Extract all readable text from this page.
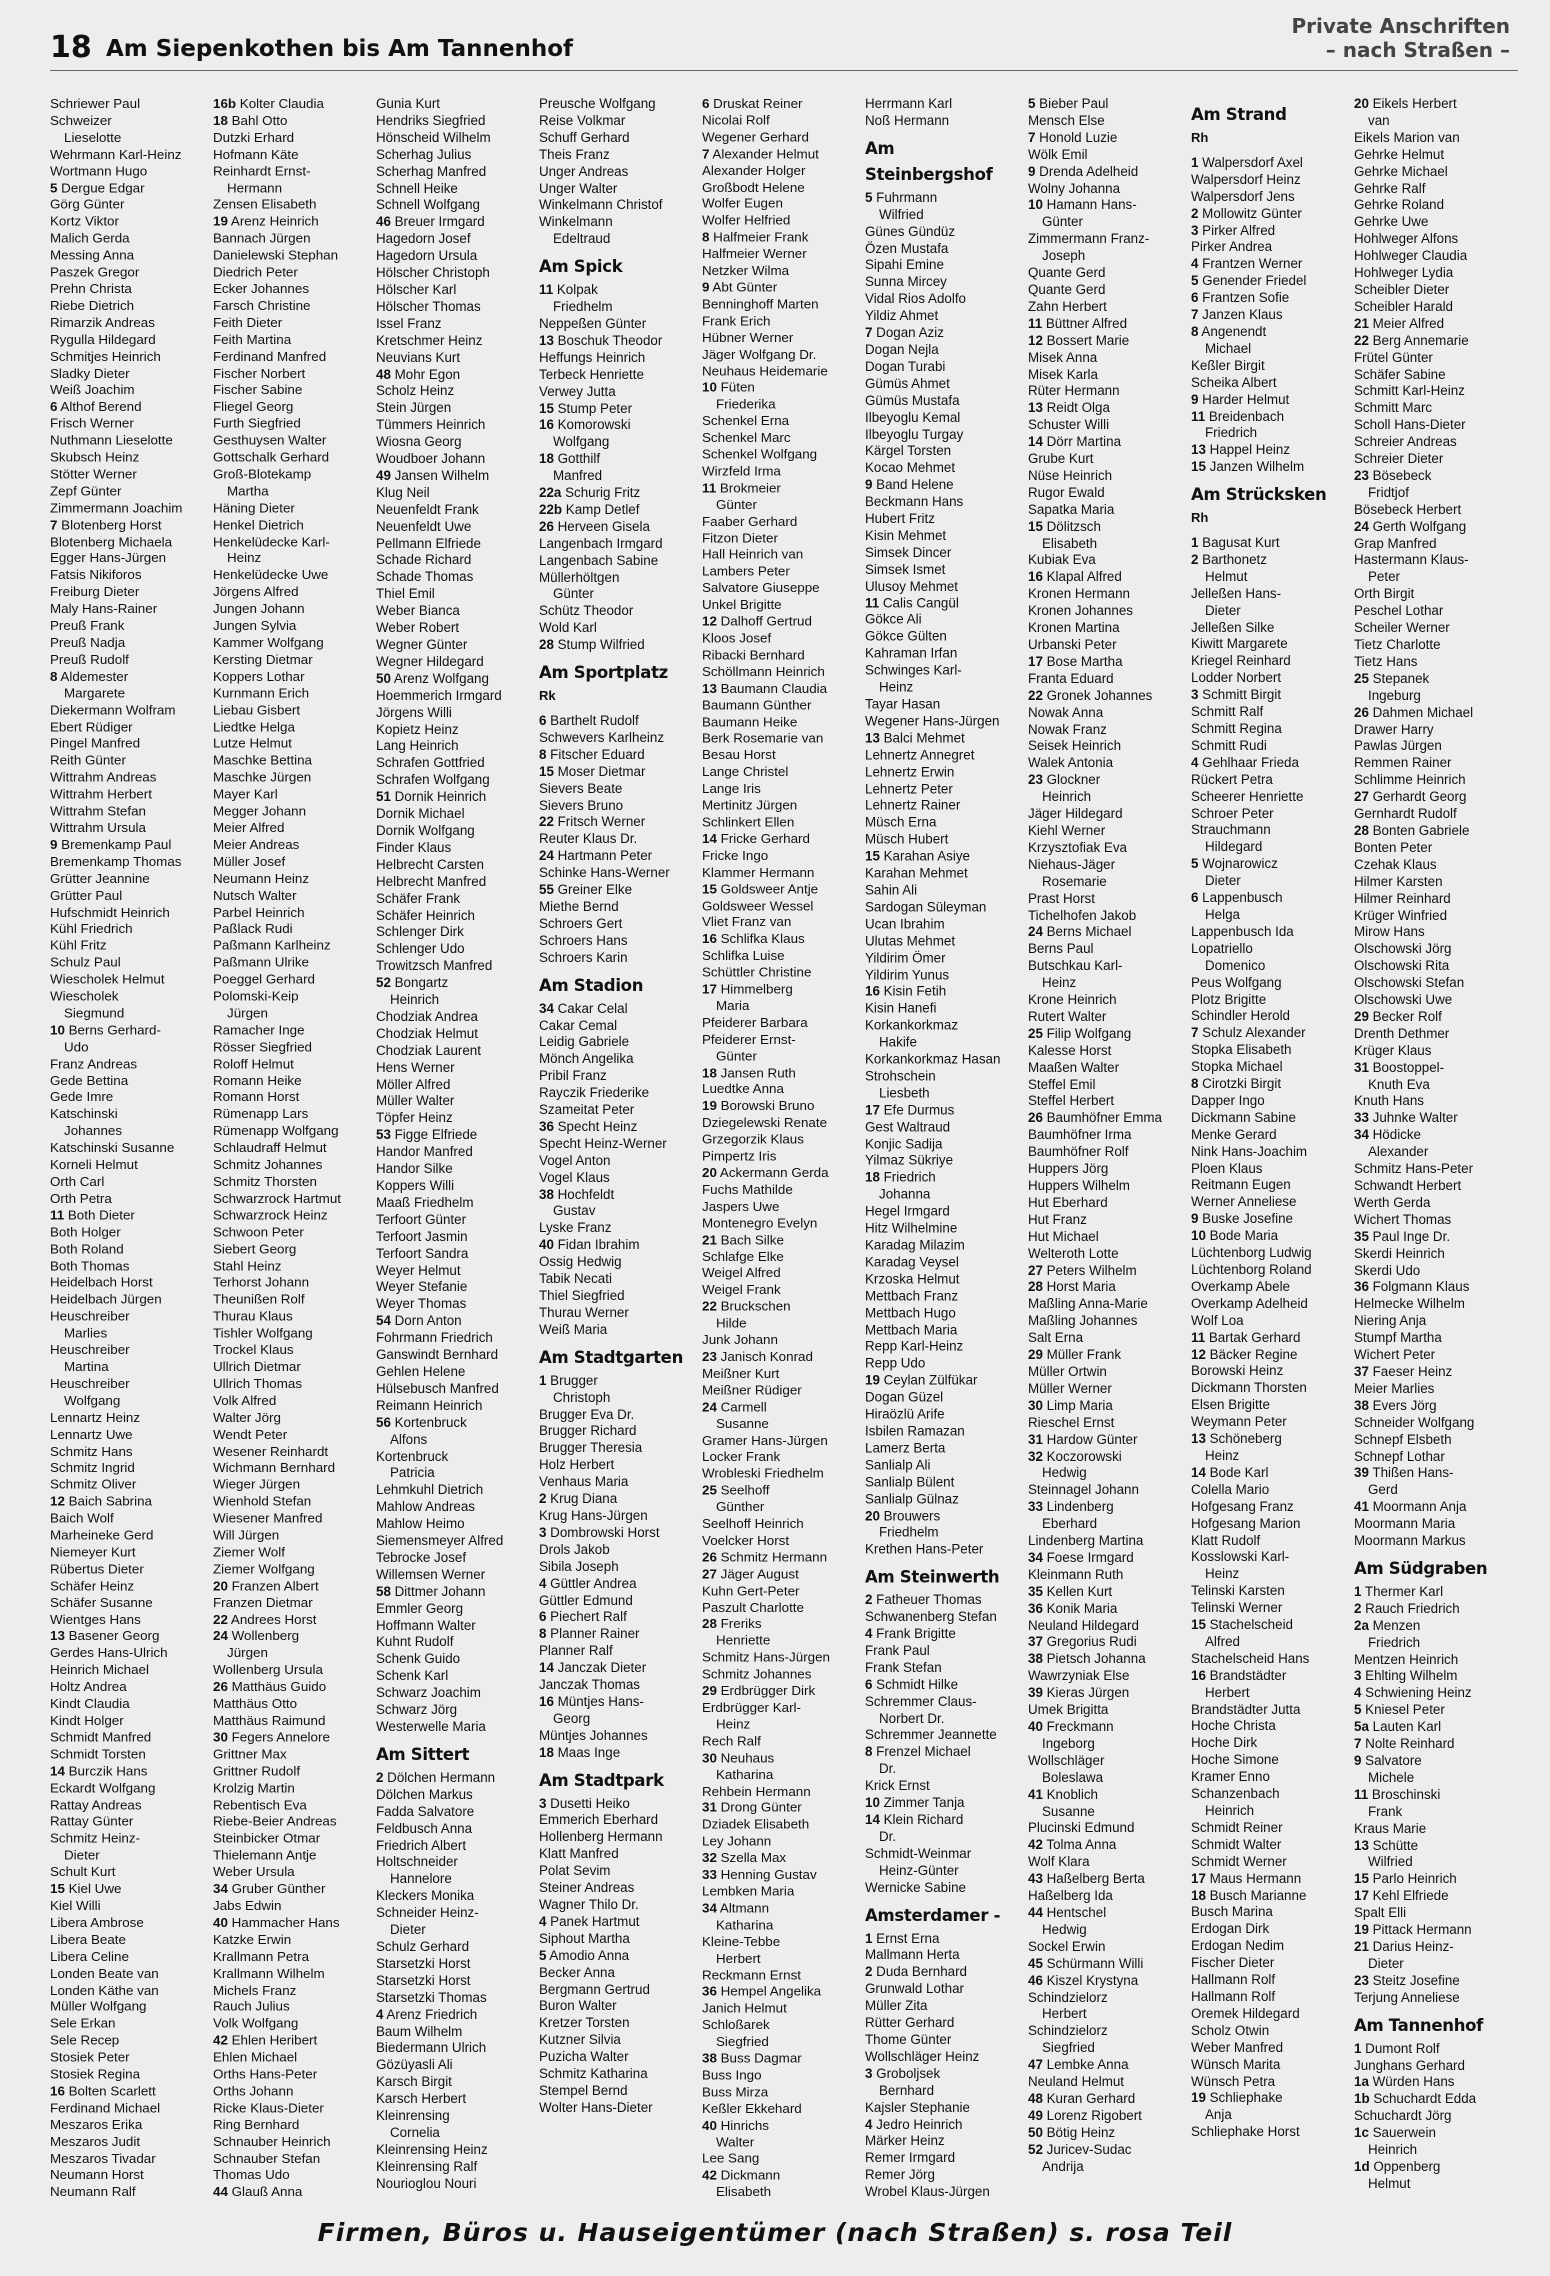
18 Am Siepenkothen bis Am Tannenhof
Private Anschriften
– nach Straßen –
Schriewer Paul
Schweizer
Lieselotte
Wehrmann Karl-Heinz
Wortmann Hugo
5 Dergue Edgar
Görg Günter
Kortz Viktor
Malich Gerda
Messing Anna
Paszek Gregor
Prehn Christa
Riebe Dietrich
Rimarzik Andreas
Rygulla Hildegard
Schmitjes Heinrich
Sladky Dieter
Weiß Joachim
6 Althof Berend
Frisch Werner
Nuthmann Lieselotte
Skubsch Heinz
Stötter Werner
Zepf Günter
Zimmermann Joachim
7 Blotenberg Horst
Blotenberg Michaela
Egger Hans-Jürgen
Fatsis Nikiforos
Freiburg Dieter
Maly Hans-Rainer
Preuß Frank
Preuß Nadja
Preuß Rudolf
8 Aldemester
Margarete
Diekermann Wolfram
Ebert Rüdiger
Pingel Manfred
Reith Günter
Wittrahm Andreas
Wittrahm Herbert
Wittrahm Stefan
Wittrahm Ursula
9 Bremenkamp Paul
Bremenkamp Thomas
Grütter Jeannine
Grütter Paul
Hufschmidt Heinrich
Kühl Friedrich
Kühl Fritz
Schulz Paul
Wiescholek Helmut
Wiescholek
Siegmund
10 Berns Gerhard-
Udo
Franz Andreas
Gede Bettina
Gede Imre
Katschinski
Johannes
Katschinski Susanne
Korneli Helmut
Orth Carl
Orth Petra
11 Both Dieter
Both Holger
Both Roland
Both Thomas
Heidelbach Horst
Heidelbach Jürgen
Heuschreiber
Marlies
Heuschreiber
Martina
Heuschreiber
Wolfgang
Lennartz Heinz
Lennartz Uwe
Schmitz Hans
Schmitz Ingrid
Schmitz Oliver
12 Baich Sabrina
Baich Wolf
Marheineke Gerd
Niemeyer Kurt
Rübertus Dieter
Schäfer Heinz
Schäfer Susanne
Wientges Hans
13 Basener Georg
Gerdes Hans-Ulrich
Heinrich Michael
Holtz Andrea
Kindt Claudia
Kindt Holger
Schmidt Manfred
Schmidt Torsten
14 Burczik Hans
Eckardt Wolfgang
Rattay Andreas
Rattay Günter
Schmitz Heinz-
Dieter
Schult Kurt
15 Kiel Uwe
Kiel Willi
Libera Ambrose
Libera Beate
Libera Celine
Londen Beate van
Londen Käthe van
Müller Wolfgang
Sele Erkan
Sele Recep
Stosiek Peter
Stosiek Regina
16 Bolten Scarlett
Ferdinand Michael
Meszaros Erika
Meszaros Judit
Meszaros Tivadar
Neumann Horst
Neumann Ralf
16b Kolter Claudia
18 Bahl Otto
Dutzki Erhard
Hofmann Käte
Reinhardt Ernst-
Hermann
Zensen Elisabeth
19 Arenz Heinrich
Bannach Jürgen
Danielewski Stephan
Diedrich Peter
Ecker Johannes
Farsch Christine
Feith Dieter
Feith Martina
Ferdinand Manfred
Fischer Norbert
Fischer Sabine
Fliegel Georg
Furth Siegfried
Gesthuysen Walter
Gottschalk Gerhard
Groß-Blotekamp
Martha
Häning Dieter
Henkel Dietrich
Henkelüdecke Karl-
Heinz
Henkelüdecke Uwe
Jörgens Alfred
Jungen Johann
Jungen Sylvia
Kammer Wolfgang
Kersting Dietmar
Koppers Lothar
Kurnmann Erich
Liebau Gisbert
Liedtke Helga
Lutze Helmut
Maschke Bettina
Maschke Jürgen
Mayer Karl
Megger Johann
Meier Alfred
Meier Andreas
Müller Josef
Neumann Heinz
Nutsch Walter
Parbel Heinrich
Paßlack Rudi
Paßmann Karlheinz
Paßmann Ulrike
Poeggel Gerhard
Polomski-Keip
Jürgen
Ramacher Inge
Rösser Siegfried
Roloff Helmut
Romann Heike
Romann Horst
Rümenapp Lars
Rümenapp Wolfgang
Schlaudraff Helmut
Schmitz Johannes
Schmitz Thorsten
Schwarzrock Hartmut
Schwarzrock Heinz
Schwoon Peter
Siebert Georg
Stahl Heinz
Terhorst Johann
Theunißen Rolf
Thurau Klaus
Tishler Wolfgang
Trockel Klaus
Ullrich Dietmar
Ullrich Thomas
Volk Alfred
Walter Jörg
Wendt Peter
Wesener Reinhardt
Wichmann Bernhard
Wieger Jürgen
Wienhold Stefan
Wiesener Manfred
Will Jürgen
Ziemer Wolf
Ziemer Wolfgang
20 Franzen Albert
Franzen Dietmar
22 Andrees Horst
24 Wollenberg
Jürgen
Wollenberg Ursula
26 Matthäus Guido
Matthäus Otto
Matthäus Raimund
30 Fegers Annelore
Grittner Max
Grittner Rudolf
Krolzig Martin
Rebentisch Eva
Riebe-Beier Andreas
Steinbicker Otmar
Thielemann Antje
Weber Ursula
34 Gruber Günther
Jabs Edwin
40 Hammacher Hans
Katzke Erwin
Krallmann Petra
Krallmann Wilhelm
Michels Franz
Rauch Julius
Volk Wolfgang
42 Ehlen Heribert
Ehlen Michael
Orths Hans-Peter
Orths Johann
Ricke Klaus-Dieter
Ring Bernhard
Schnauber Heinrich
Schnauber Stefan
Thomas Udo
44 Glauß Anna
Gunia Kurt
Hendriks Siegfried
Hönscheid Wilhelm
Scherhag Julius
Scherhag Manfred
Schnell Heike
Schnell Wolfgang
46 Breuer Irmgard
Hagedorn Josef
Hagedorn Ursula
Hölscher Christoph
Hölscher Karl
Hölscher Thomas
Issel Franz
Kretschmer Heinz
Neuvians Kurt
48 Mohr Egon
Scholz Heinz
Stein Jürgen
Tümmers Heinrich
Wiosna Georg
Woudboer Johann
49 Jansen Wilhelm
Klug Neil
Neuenfeldt Frank
Neuenfeldt Uwe
Pellmann Elfriede
Schade Richard
Schade Thomas
Thiel Emil
Weber Bianca
Weber Robert
Wegner Günter
Wegner Hildegard
50 Arenz Wolfgang
Hoemmerich Irmgard
Jörgens Willi
Kopietz Heinz
Lang Heinrich
Schrafen Gottfried
Schrafen Wolfgang
51 Dornik Heinrich
Dornik Michael
Dornik Wolfgang
Finder Klaus
Helbrecht Carsten
Helbrecht Manfred
Schäfer Frank
Schäfer Heinrich
Schlenger Dirk
Schlenger Udo
Trowitzsch Manfred
52 Bongartz
Heinrich
Chodziak Andrea
Chodziak Helmut
Chodziak Laurent
Hens Werner
Möller Alfred
Müller Walter
Töpfer Heinz
53 Figge Elfriede
Handor Manfred
Handor Silke
Koppers Willi
Maaß Friedhelm
Terfoort Günter
Terfoort Jasmin
Terfoort Sandra
Weyer Helmut
Weyer Stefanie
Weyer Thomas
54 Dorn Anton
Fohrmann Friedrich
Ganswindt Bernhard
Gehlen Helene
Hülsebusch Manfred
Reimann Heinrich
56 Kortenbruck
Alfons
Kortenbruck
Patricia
Lehmkuhl Dietrich
Mahlow Andreas
Mahlow Heimo
Siemensmeyer Alfred
Tebrocke Josef
Willemsen Werner
58 Dittmer Johann
Emmler Georg
Hoffmann Walter
Kuhnt Rudolf
Schenk Guido
Schenk Karl
Schwarz Joachim
Schwarz Jörg
Westerwelle Maria
Am Sittert
2 Dölchen Hermann
Dölchen Markus
Fadda Salvatore
Feldbusch Anna
Friedrich Albert
Holtschneider
Hannelore
Kleckers Monika
Schneider Heinz-
Dieter
Schulz Gerhard
Starsetzki Horst
Starsetzki Horst
Starsetzki Thomas
4 Arenz Friedrich
Baum Wilhelm
Biedermann Ulrich
Gözüyasli Ali
Karsch Birgit
Karsch Herbert
Kleinrensing
Cornelia
Kleinrensing Heinz
Kleinrensing Ralf
Nourioglou Nouri
Preusche Wolfgang
Reise Volkmar
Schuff Gerhard
Theis Franz
Unger Andreas
Unger Walter
Winkelmann Christof
Winkelmann
Edeltraud
Am Spick
11 Kolpak
Friedhelm
Neppeßen Günter
13 Boschuk Theodor
Heffungs Heinrich
Terbeck Henriette
Verwey Jutta
15 Stump Peter
16 Komorowski
Wolfgang
18 Gotthilf
Manfred
22a Schurig Fritz
22b Kamp Detlef
26 Herveen Gisela
Langenbach Irmgard
Langenbach Sabine
Müllerhöltgen
Günter
Schütz Theodor
Wold Karl
28 Stump Wilfried
Am Sportplatz
Rk
6 Barthelt Rudolf
Schwevers Karlheinz
8 Fitscher Eduard
15 Moser Dietmar
Sievers Beate
Sievers Bruno
22 Fritsch Werner
Reuter Klaus Dr.
24 Hartmann Peter
Schinke Hans-Werner
55 Greiner Elke
Miethe Bernd
Schroers Gert
Schroers Hans
Schroers Karin
Am Stadion
34 Cakar Celal
Cakar Cemal
Leidig Gabriele
Mönch Angelika
Pribil Franz
Rayczik Friederike
Szameitat Peter
36 Specht Heinz
Specht Heinz-Werner
Vogel Anton
Vogel Klaus
38 Hochfeldt
Gustav
Lyske Franz
40 Fidan Ibrahim
Ossig Hedwig
Tabik Necati
Thiel Siegfried
Thurau Werner
Weiß Maria
Am Stadtgarten
1 Brugger
Christoph
Brugger Eva Dr.
Brugger Richard
Brugger Theresia
Holz Herbert
Venhaus Maria
2 Krug Diana
Krug Hans-Jürgen
3 Dombrowski Horst
Drols Jakob
Sibila Joseph
4 Güttler Andrea
Güttler Edmund
6 Piechert Ralf
8 Planner Rainer
Planner Ralf
14 Janczak Dieter
Janczak Thomas
16 Müntjes Hans-
Georg
Müntjes Johannes
18 Maas Inge
Am Stadtpark
3 Dusetti Heiko
Emmerich Eberhard
Hollenberg Hermann
Klatt Manfred
Polat Sevim
Steiner Andreas
Wagner Thilo Dr.
4 Panek Hartmut
Siphout Martha
5 Amodio Anna
Becker Anna
Bergmann Gertrud
Buron Walter
Kretzer Torsten
Kutzner Silvia
Puzicha Walter
Schmitz Katharina
Stempel Bernd
Wolter Hans-Dieter
6 Druskat Reiner
Nicolai Rolf
Wegener Gerhard
7 Alexander Helmut
Alexander Holger
Großbodt Helene
Wolfer Eugen
Wolfer Helfried
8 Halfmeier Frank
Halfmeier Werner
Netzker Wilma
9 Abt Günter
Benninghoff Marten
Frank Erich
Hübner Werner
Jäger Wolfgang Dr.
Neuhaus Heidemarie
10 Füten
Friederika
Schenkel Erna
Schenkel Marc
Schenkel Wolfgang
Wirzfeld Irma
11 Brokmeier
Günter
Faaber Gerhard
Fitzon Dieter
Hall Heinrich van
Lambers Peter
Salvatore Giuseppe
Unkel Brigitte
12 Dalhoff Gertrud
Kloos Josef
Ribacki Bernhard
Schöllmann Heinrich
13 Baumann Claudia
Baumann Günther
Baumann Heike
Berk Rosemarie van
Besau Horst
Lange Christel
Lange Iris
Mertinitz Jürgen
Schlinkert Ellen
14 Fricke Gerhard
Fricke Ingo
Klammer Hermann
15 Goldsweer Antje
Goldsweer Wessel
Vliet Franz van
16 Schlifka Klaus
Schlifka Luise
Schüttler Christine
17 Himmelberg
Maria
Pfeiderer Barbara
Pfeiderer Ernst-
Günter
18 Jansen Ruth
Luedtke Anna
19 Borowski Bruno
Dziegelewski Renate
Grzegorzik Klaus
Pimpertz Iris
20 Ackermann Gerda
Fuchs Mathilde
Jaspers Uwe
Montenegro Evelyn
21 Bach Silke
Schlafge Elke
Weigel Alfred
Weigel Frank
22 Bruckschen
Hilde
Junk Johann
23 Janisch Konrad
Meißner Kurt
Meißner Rüdiger
24 Carmell
Susanne
Gramer Hans-Jürgen
Locker Frank
Wrobleski Friedhelm
25 Seelhoff
Günther
Seelhoff Heinrich
Voelcker Horst
26 Schmitz Hermann
27 Jäger August
Kuhn Gert-Peter
Paszult Charlotte
28 Freriks
Henriette
Schmitz Hans-Jürgen
Schmitz Johannes
29 Erdbrügger Dirk
Erdbrügger Karl-
Heinz
Rech Ralf
30 Neuhaus
Katharina
Rehbein Hermann
31 Drong Günter
Dziadek Elisabeth
Ley Johann
32 Szella Max
33 Henning Gustav
Lembken Maria
34 Altmann
Katharina
Kleine-Tebbe
Herbert
Reckmann Ernst
36 Hempel Angelika
Janich Helmut
Schloßarek
Siegfried
38 Buss Dagmar
Buss Ingo
Buss Mirza
Keßler Ekkehard
40 Hinrichs
Walter
Lee Sang
42 Dickmann
Elisabeth
Herrmann Karl
Noß Hermann
Am Steinbergshof
5 Fuhrmann
Wilfried
Günes Gündüz
Özen Mustafa
Sipahi Emine
Sunna Mircey
Vidal Rios Adolfo
Yildiz Ahmet
7 Dogan Aziz
Dogan Nejla
Dogan Turabi
Gümüs Ahmet
Gümüs Mustafa
Ilbeyoglu Kemal
Ilbeyoglu Turgay
Kärgel Torsten
Kocao Mehmet
9 Band Helene
Beckmann Hans
Hubert Fritz
Kisin Mehmet
Simsek Dincer
Simsek Ismet
Ulusoy Mehmet
11 Calis Cangül
Gökce Ali
Gökce Gülten
Kahraman Irfan
Schwinges Karl-
Heinz
Tayar Hasan
Wegener Hans-Jürgen
13 Balci Mehmet
Lehnertz Annegret
Lehnertz Erwin
Lehnertz Peter
Lehnertz Rainer
Müsch Erna
Müsch Hubert
15 Karahan Asiye
Karahan Mehmet
Sahin Ali
Sardogan Süleyman
Ucan Ibrahim
Ulutas Mehmet
Yildirim Ömer
Yildirim Yunus
16 Kisin Fetih
Kisin Hanefi
Korkankorkmaz
Hakife
Korkankorkmaz Hasan
Strohschein
Liesbeth
17 Efe Durmus
Gest Waltraud
Konjic Sadija
Yilmaz Sükriye
18 Friedrich
Johanna
Hegel Irmgard
Hitz Wilhelmine
Karadag Milazim
Karadag Veysel
Krzoska Helmut
Mettbach Franz
Mettbach Hugo
Mettbach Maria
Repp Karl-Heinz
Repp Udo
19 Ceylan Zülfükar
Dogan Güzel
Hiraözlü Arife
Isbilen Ramazan
Lamerz Berta
Sanlialp Ali
Sanlialp Bülent
Sanlialp Gülnaz
20 Brouwers
Friedhelm
Krethen Hans-Peter
Am Steinwerth
2 Fatheuer Thomas
Schwanenberg Stefan
4 Frank Brigitte
Frank Paul
Frank Stefan
6 Schmidt Hilke
Schremmer Claus-
Norbert Dr.
Schremmer Jeannette
8 Frenzel Michael
Dr.
Krick Ernst
10 Zimmer Tanja
14 Klein Richard
Dr.
Schmidt-Weinmar
Heinz-Günter
Wernicke Sabine
Amsterdamer -
1 Ernst Erna
Mallmann Herta
2 Duda Bernhard
Grunwald Lothar
Müller Zita
Rütter Gerhard
Thome Günter
Wollschläger Heinz
3 Groboljsek
Bernhard
Kajsler Stephanie
4 Jedro Heinrich
Märker Heinz
Remer Irmgard
Remer Jörg
Wrobel Klaus-Jürgen
5 Bieber Paul
Mensch Else
7 Honold Luzie
Wölk Emil
9 Drenda Adelheid
Wolny Johanna
10 Hamann Hans-
Günter
Zimmermann Franz-
Joseph
Quante Gerd
Quante Gerd
Zahn Herbert
11 Büttner Alfred
12 Bossert Marie
Misek Anna
Misek Karla
Rüter Hermann
13 Reidt Olga
Schuster Willi
14 Dörr Martina
Grube Kurt
Nüse Heinrich
Rugor Ewald
Sapatka Maria
15 Dölitzsch
Elisabeth
Kubiak Eva
16 Klapal Alfred
Kronen Hermann
Kronen Johannes
Kronen Martina
Urbanski Peter
17 Bose Martha
Franta Eduard
22 Gronek Johannes
Nowak Anna
Nowak Franz
Seisek Heinrich
Walek Antonia
23 Glockner
Heinrich
Jäger Hildegard
Kiehl Werner
Krzysztofiak Eva
Niehaus-Jäger
Rosemarie
Prast Horst
Tichelhofen Jakob
24 Berns Michael
Berns Paul
Butschkau Karl-
Heinz
Krone Heinrich
Rutert Walter
25 Filip Wolfgang
Kalesse Horst
Maaßen Walter
Steffel Emil
Steffel Herbert
26 Baumhöfner Emma
Baumhöfner Irma
Baumhöfner Rolf
Huppers Jörg
Huppers Wilhelm
Hut Eberhard
Hut Franz
Hut Michael
Welteroth Lotte
27 Peters Wilhelm
28 Horst Maria
Maßling Anna-Marie
Maßling Johannes
Salt Erna
29 Müller Frank
Müller Ortwin
Müller Werner
30 Limp Maria
Rieschel Ernst
31 Hardow Günter
32 Koczorowski
Hedwig
Steinnagel Johann
33 Lindenberg
Eberhard
Lindenberg Martina
34 Foese Irmgard
Kleinmann Ruth
35 Kellen Kurt
36 Konik Maria
Neuland Hildegard
37 Gregorius Rudi
38 Pietsch Johanna
Wawrzyniak Else
39 Kieras Jürgen
Umek Brigitta
40 Freckmann
Ingeborg
Wollschläger
Boleslawa
41 Knoblich
Susanne
Plucinski Edmund
42 Tolma Anna
Wolf Klara
43 Haßelberg Berta
Haßelberg Ida
44 Hentschel
Hedwig
Sockel Erwin
45 Schürmann Willi
46 Kiszel Krystyna
Schindzielorz
Herbert
Schindzielorz
Siegfried
47 Lembke Anna
Neuland Helmut
48 Kuran Gerhard
49 Lorenz Rigobert
50 Bötig Heinz
52 Juricev-Sudac
Andrija
Am Strand
Rh
1 Walpersdorf Axel
Walpersdorf Heinz
Walpersdorf Jens
2 Mollowitz Günter
3 Pirker Alfred
Pirker Andrea
4 Frantzen Werner
5 Genender Friedel
6 Frantzen Sofie
7 Janzen Klaus
8 Angenendt
Michael
Keßler Birgit
Scheika Albert
9 Harder Helmut
11 Breidenbach
Friedrich
13 Happel Heinz
15 Janzen Wilhelm
Am Strücksken
Rh
1 Bagusat Kurt
2 Barthonetz
Helmut
Jelleßen Hans-
Dieter
Jelleßen Silke
Kiwitt Margarete
Kriegel Reinhard
Lodder Norbert
3 Schmitt Birgit
Schmitt Ralf
Schmitt Regina
Schmitt Rudi
4 Gehlhaar Frieda
Rückert Petra
Scheerer Henriette
Schroer Peter
Strauchmann
Hildegard
5 Wojnarowicz
Dieter
6 Lappenbusch
Helga
Lappenbusch Ida
Lopatriello
Domenico
Peus Wolfgang
Plotz Brigitte
Schindler Herold
7 Schulz Alexander
Stopka Elisabeth
Stopka Michael
8 Cirotzki Birgit
Dapper Ingo
Dickmann Sabine
Menke Gerard
Nink Hans-Joachim
Ploen Klaus
Reitmann Eugen
Werner Anneliese
9 Buske Josefine
10 Bode Maria
Lüchtenborg Ludwig
Lüchtenborg Roland
Overkamp Abele
Overkamp Adelheid
Wolf Loa
11 Bartak Gerhard
12 Bäcker Regine
Borowski Heinz
Dickmann Thorsten
Elsen Brigitte
Weymann Peter
13 Schöneberg
Heinz
14 Bode Karl
Colella Mario
Hofgesang Franz
Hofgesang Marion
Klatt Rudolf
Kosslowski Karl-
Heinz
Telinski Karsten
Telinski Werner
15 Stachelscheid
Alfred
Stachelscheid Hans
16 Brandstädter
Herbert
Brandstädter Jutta
Hoche Christa
Hoche Dirk
Hoche Simone
Kramer Enno
Schanzenbach
Heinrich
Schmidt Reiner
Schmidt Walter
Schmidt Werner
17 Maus Hermann
18 Busch Marianne
Busch Marina
Erdogan Dirk
Erdogan Nedim
Fischer Dieter
Hallmann Rolf
Hallmann Rolf
Oremek Hildegard
Scholz Otwin
Weber Manfred
Wünsch Marita
Wünsch Petra
19 Schliephake
Anja
Schliephake Horst
20 Eikels Herbert
van
Eikels Marion van
Gehrke Helmut
Gehrke Michael
Gehrke Ralf
Gehrke Roland
Gehrke Uwe
Hohlweger Alfons
Hohlweger Claudia
Hohlweger Lydia
Scheibler Dieter
Scheibler Harald
21 Meier Alfred
22 Berg Annemarie
Frütel Günter
Schäfer Sabine
Schmitt Karl-Heinz
Schmitt Marc
Scholl Hans-Dieter
Schreier Andreas
Schreier Dieter
23 Bösebeck
Fridtjof
Bösebeck Herbert
24 Gerth Wolfgang
Grap Manfred
Hastermann Klaus-
Peter
Orth Birgit
Peschel Lothar
Scheiler Werner
Tietz Charlotte
Tietz Hans
25 Stepanek
Ingeburg
26 Dahmen Michael
Drawer Harry
Pawlas Jürgen
Remmen Rainer
Schlimme Heinrich
27 Gerhardt Georg
Gernhardt Rudolf
28 Bonten Gabriele
Bonten Peter
Czehak Klaus
Hilmer Karsten
Hilmer Reinhard
Krüger Winfried
Mirow Hans
Olschowski Jörg
Olschowski Rita
Olschowski Stefan
Olschowski Uwe
29 Becker Rolf
Drenth Dethmer
Krüger Klaus
31 Boostoppel-
Knuth Eva
Knuth Hans
33 Juhnke Walter
34 Hödicke
Alexander
Schmitz Hans-Peter
Schwandt Herbert
Werth Gerda
Wichert Thomas
35 Paul Inge Dr.
Skerdi Heinrich
Skerdi Udo
36 Folgmann Klaus
Helmecke Wilhelm
Niering Anja
Stumpf Martha
Wichert Peter
37 Faeser Heinz
Meier Marlies
38 Evers Jörg
Schneider Wolfgang
Schnepf Elsbeth
Schnepf Lothar
39 Thißen Hans-
Gerd
41 Moormann Anja
Moormann Maria
Moormann Markus
Am Südgraben
1 Thermer Karl
2 Rauch Friedrich
2a Menzen
Friedrich
Mentzen Heinrich
3 Ehlting Wilhelm
4 Schwiening Heinz
5 Kniesel Peter
5a Lauten Karl
7 Nolte Reinhard
9 Salvatore
Michele
11 Broschinski
Frank
Kraus Marie
13 Schütte
Wilfried
15 Parlo Heinrich
17 Kehl Elfriede
Spalt Elli
19 Pittack Hermann
21 Darius Heinz-
Dieter
23 Steitz Josefine
Terjung Anneliese
Am Tannenhof
1 Dumont Rolf
Junghans Gerhard
1a Würden Hans
1b Schuchardt Edda
Schuchardt Jörg
1c Sauerwein
Heinrich
1d Oppenberg
Helmut
Firmen, Büros u. Hauseigentümer (nach Straßen) s. rosa Teil
